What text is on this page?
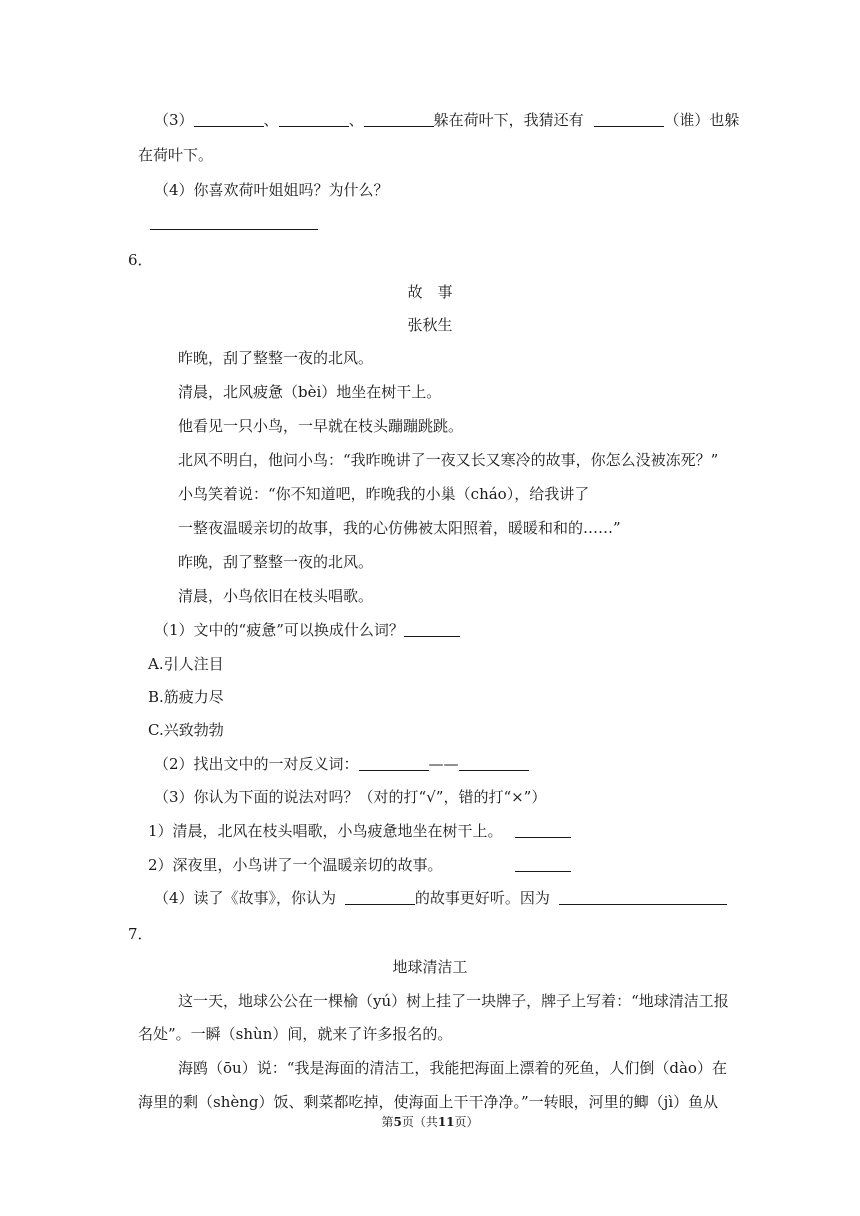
（3）	、	、	躲在荷叶下，我猜还有	（谁）也躲
在荷叶下。
（4）你喜欢荷叶姐姐吗？为什么？
6．
故　事
张秋生
昨晚，刮了整整一夜的北风。
清晨，北风疲惫（bèi）地坐在树干上。
他看见一只小鸟，一早就在枝头蹦蹦跳跳。
北风不明白，他问小鸟：“我昨晚讲了一夜又长又寒冷的故事，你怎么没被冻死？”
小鸟笑着说：“你不知道吧，昨晚我的小巢（cháo），给我讲了
一整夜温暖亲切的故事，我的心仿佛被太阳照着，暖暖和和的……”
昨晚，刮了整整一夜的北风。
清晨，小鸟依旧在枝头唱歌。
（1）文中的“疲惫”可以换成什么词？
A.引人注目
B.筋疲力尽
C.兴致勃勃
（2）找出文中的一对反义词：	——
（3）你认为下面的说法对吗？（对的打“√”，错的打“×”）
1）清晨，北风在枝头唱歌，小鸟疲惫地坐在树干上。
2）深夜里，小鸟讲了一个温暖亲切的故事。
（4）读了《故事》，你认为	的故事更好听。因为
7．
地球清洁工
这一天，地球公公在一棵榆（yú）树上挂了一块牌子，牌子上写着：“地球清洁工报
名处”。一瞬（shùn）间，就来了许多报名的。
海鸥（ōu）说：“我是海面的清洁工，我能把海面上漂着的死鱼，人们倒（dào）在
海里的剩（shèng）饭、剩菜都吃掉，使海面上干干净净。”一转眼，河里的鲫（jì）鱼从
第5页（共11页）
